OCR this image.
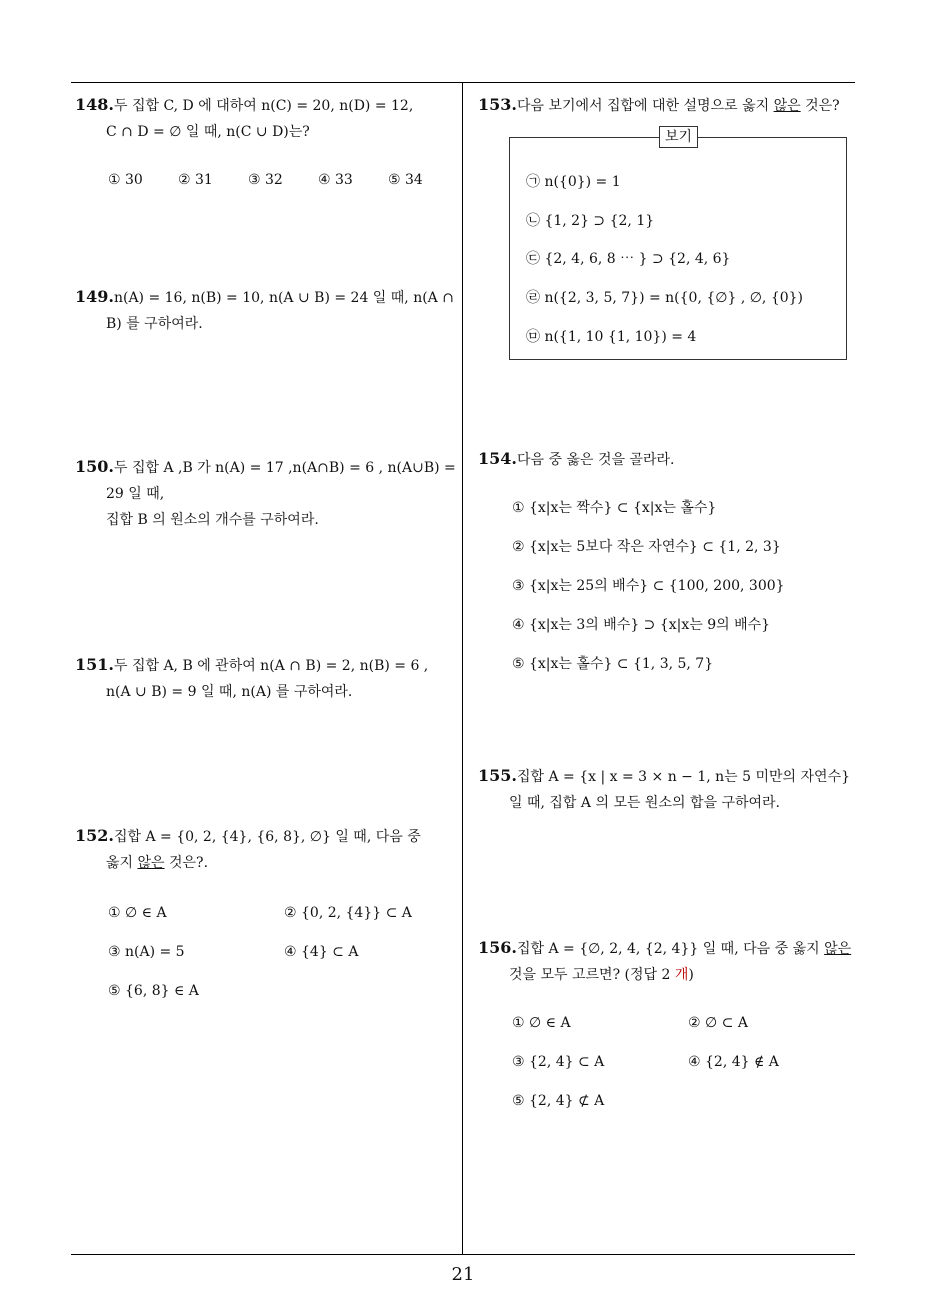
148.두 집합 C, D 에 대하여 n(C) = 20, n(D) = 12,
C ∩ D = ∅ 일 때, n(C ∪ D)는?
① 30	② 31	③ 32	④ 33	⑤ 34
149.n(A) = 16, n(B) = 10, n(A ∪ B) = 24 일 때, n(A ∩
B) 를 구하여라.
150.두 집합 A ,B 가 n(A) = 17 ,n(A∩B) = 6 , n(A∪B) =
29 일 때,
집합 B 의 원소의 개수를 구하여라.
151.두 집합 A, B 에 관하여 n(A ∩ B) = 2, n(B) = 6 ,
n(A ∪ B) = 9 일 때, n(A) 를 구하여라.
152.집합 A = {0, 2, {4}, {6, 8}, ∅} 일 때, 다음 중
옳지 않은 것은?.
① ∅ ∈ A	② {0, 2, {4}} ⊂ A
③ n(A) = 5	④ {4} ⊂ A
⑤ {6, 8} ∈ A
153.다음 보기에서 집합에 대한 설명으로 옳지 않은 것은?
보기
㉠ n({0}) = 1
㉡ {1, 2} ⊃ {2, 1}
㉢ {2, 4, 6, 8 ⋯ } ⊃ {2, 4, 6}
㉣ n({2, 3, 5, 7}) = n({0, {∅} , ∅, {0})
㉤ n({1, 10 {1, 10}) = 4
154.다음 중 옳은 것을 골라라.
① {x|x는 짝수} ⊂ {x|x는 홀수}
② {x|x는 5보다 작은 자연수} ⊂ {1, 2, 3}
③ {x|x는 25의 배수} ⊂ {100, 200, 300}
④ {x|x는 3의 배수} ⊃ {x|x는 9의 배수}
⑤ {x|x는 홀수} ⊂ {1, 3, 5, 7}
155.집합 A = {x | x = 3 × n − 1, n는 5 미만의 자연수}
일 때, 집합 A 의 모든 원소의 합을 구하여라.
156.집합 A = {∅, 2, 4, {2, 4}} 일 때, 다음 중 옳지 않은
것을 모두 고르면? (정답 2 개)
① ∅ ∈ A	② ∅ ⊂ A
③ {2, 4} ⊂ A	④ {2, 4} ∉ A
⑤ {2, 4} ⊄ A
21
